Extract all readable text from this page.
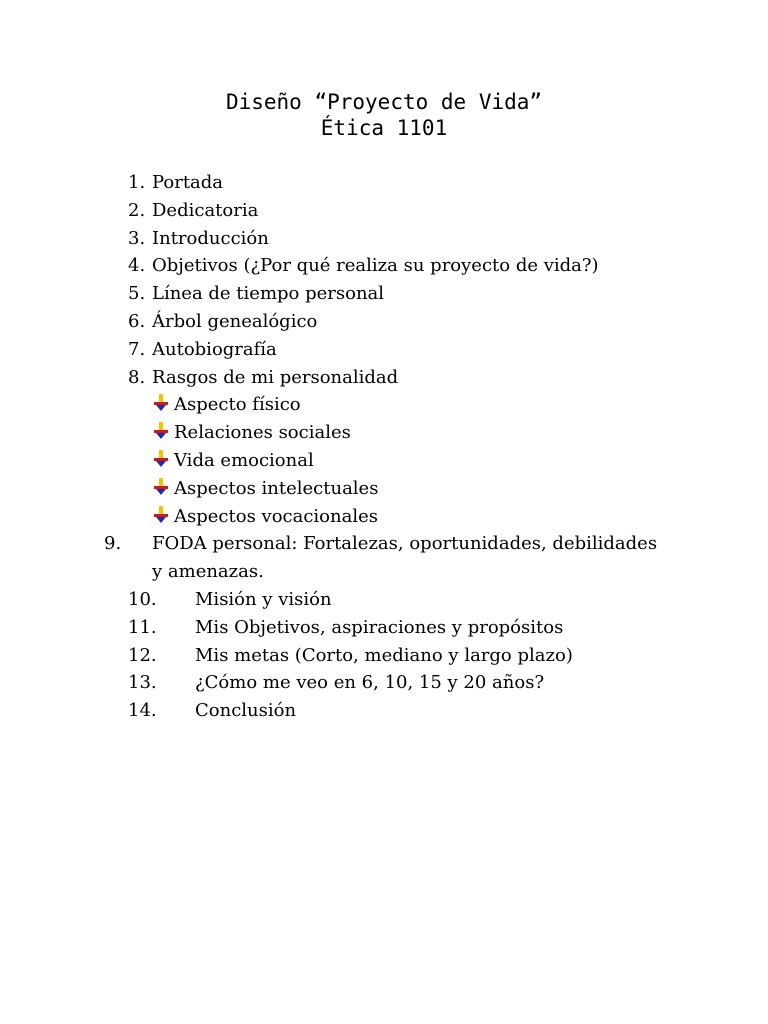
Diseño “Proyecto de Vida”
Ética 1101
1. Portada
2. Dedicatoria
3. Introducción
4. Objetivos (¿Por qué realiza su proyecto de vida?)
5. Línea de tiempo personal
6. Árbol genealógico
7. Autobiografía
8. Rasgos de mi personalidad
Aspecto físico
Relaciones sociales
Vida emocional
Aspectos intelectuales
Aspectos vocacionales
9. FODA personal: Fortalezas, oportunidades, debilidades y amenazas.
10. Misión y visión
11. Mis Objetivos, aspiraciones y propósitos
12. Mis metas (Corto, mediano y largo plazo)
13. ¿Cómo me veo en 6, 10, 15 y 20 años?
14. Conclusión
